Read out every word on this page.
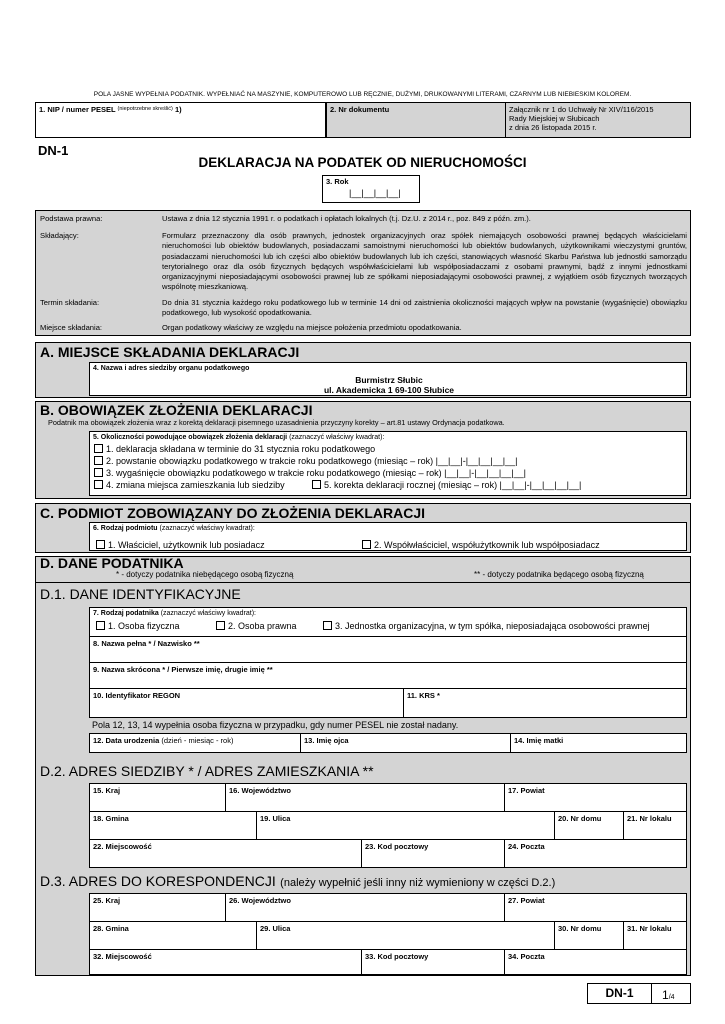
POLA JASNE WYPEŁNIA PODATNIK. WYPEŁNIAĆ NA MASZYNIE, KOMPUTEROWO LUB RĘCZNIE, DUŻYMI, DRUKOWANYMI LITERAMI, CZARNYM LUB NIEBIESKIM KOLOREM.
1. NIP / numer PESEL $^{(niepotrzebne skreślić)}$ 1)	2. Nr dokumentu	Załącznik nr 1 do Uchwały Nr XIV/116/2015
Rady Miejskiej w Słubicach
z dnia 26 listopada 2015 r.
DN-1
DEKLARACJA NA PODATEK OD NIERUCHOMOŚCI
3. Rok
|__|__|__|__|
Podstawa prawna:	Ustawa z dnia 12 stycznia 1991 r. o podatkach i opłatach lokalnych (t.j. Dz.U. z 2014 r., poz. 849 z późn. zm.).
Składający:	Formularz przeznaczony dla osób prawnych, jednostek organizacyjnych oraz spółek niemających osobowości prawnej będących właścicielami nieruchomości lub obiektów budowlanych, posiadaczami samoistnymi nieruchomości lub obiektów budowlanych, użytkownikami wieczystymi gruntów, posiadaczami nieruchomości lub ich części albo obiektów budowlanych lub ich części, stanowiących własność Skarbu Państwa lub jednostki samorządu terytorialnego oraz dla osób fizycznych będących współwłaścicielami lub współposiadaczami z osobami prawnymi, bądź z innymi jednostkami organizacyjnymi nieposiadającymi osobowości prawnej lub ze spółkami nieposiadającymi osobowości prawnej, z wyjątkiem osób fizycznych tworzących wspólnotę mieszkaniową.
Termin składania:	Do dnia 31 stycznia każdego roku podatkowego lub w terminie 14 dni od zaistnienia okoliczności mających wpływ na powstanie (wygaśnięcie) obowiązku podatkowego, lub wysokość opodatkowania.
Miejsce składania:	Organ podatkowy właściwy ze względu na miejsce położenia przedmiotu opodatkowania.
A. MIEJSCE SKŁADANIA DEKLARACJI
4. Nazwa i adres siedziby organu podatkowego
Burmistrz Słubic
ul. Akademicka 1 69-100 Słubice
B. OBOWIĄZEK ZŁOŻENIA DEKLARACJI
Podatnik ma obowiązek złożenia wraz z korektą deklaracji pisemnego uzasadnienia przyczyny korekty – art.81 ustawy Ordynacja podatkowa.
5. Okoliczności powodujące obowiązek złożenia deklaracji (zaznaczyć właściwy kwadrat):
1. deklaracja składana w terminie do 31 stycznia roku podatkowego
2. powstanie obowiązku podatkowego w trakcie roku podatkowego (miesiąc – rok) |__|__|-|__|__|__|__|
3. wygaśnięcie obowiązku podatkowego w trakcie roku podatkowego (miesiąc – rok) |__|__|-|__|__|__|__|
4. zmiana miejsca zamieszkania lub siedziby	5. korekta deklaracji rocznej (miesiąc – rok) |__|__|-|__|__|__|__|
C. PODMIOT ZOBOWIĄZANY DO ZŁOŻENIA DEKLARACJI
6. Rodzaj podmiotu (zaznaczyć właściwy kwadrat):
1. Właściciel, użytkownik lub posiadacz	2. Współwłaściciel, współużytkownik lub współposiadacz
D. DANE PODATNIKA
* - dotyczy podatnika niebędącego osobą fizyczną	** - dotyczy podatnika będącego osobą fizyczną
D.1. DANE IDENTYFIKACYJNE
7. Rodzaj podatnika (zaznaczyć właściwy kwadrat):
1. Osoba fizyczna	2. Osoba prawna	3. Jednostka organizacyjna, w tym spółka, nieposiadająca osobowości prawnej
8. Nazwa pełna * / Nazwisko **
9. Nazwa skrócona * / Pierwsze imię, drugie imię **
10. Identyfikator REGON	11. KRS *
Pola 12, 13, 14 wypełnia osoba fizyczna w przypadku, gdy numer PESEL nie został nadany.
12. Data urodzenia (dzień - miesiąc - rok)	13. Imię ojca	14. Imię matki
D.2. ADRES SIEDZIBY * / ADRES ZAMIESZKANIA **
15. Kraj	16. Województwo	17. Powiat
18. Gmina	19. Ulica	20. Nr domu	21. Nr lokalu
22. Miejscowość	23. Kod pocztowy	24. Poczta
D.3. ADRES DO KORESPONDENCJI (należy wypełnić jeśli inny niż wymieniony w części D.2.)
25. Kraj	26. Województwo	27. Powiat
28. Gmina	29. Ulica	30. Nr domu	31. Nr lokalu
32. Miejscowość	33. Kod pocztowy	34. Poczta
DN-1	1/4
